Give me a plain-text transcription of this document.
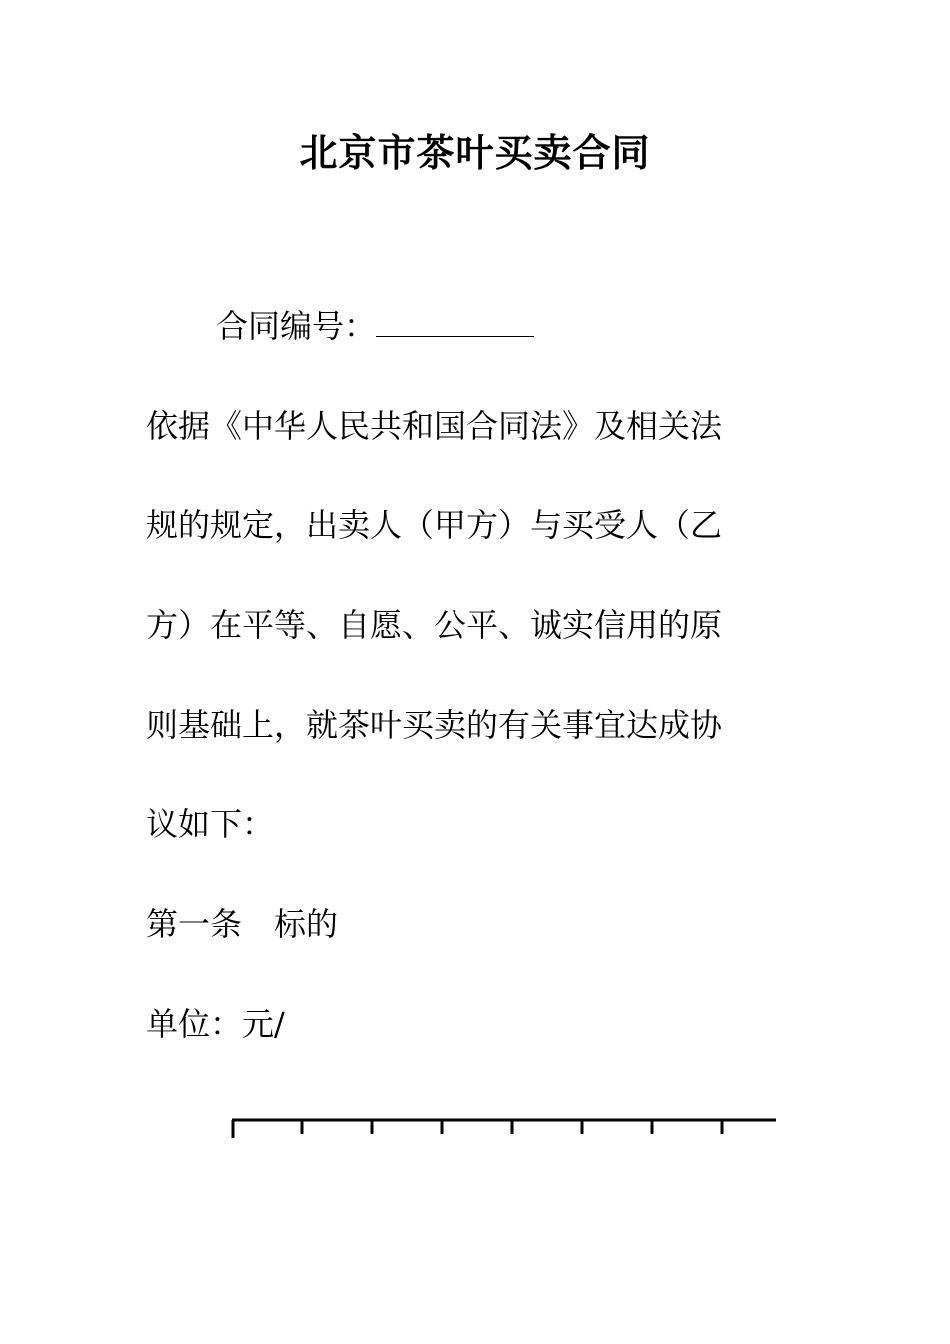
北京市茶叶买卖合同
合同编号：
依据《中华人民共和国合同法》及相关法
规的规定，出卖人（甲方）与买受人（乙
方）在平等、自愿、公平、诚实信用的原
则基础上，就茶叶买卖的有关事宜达成协
议如下：
第一条　标的
单位：元/
